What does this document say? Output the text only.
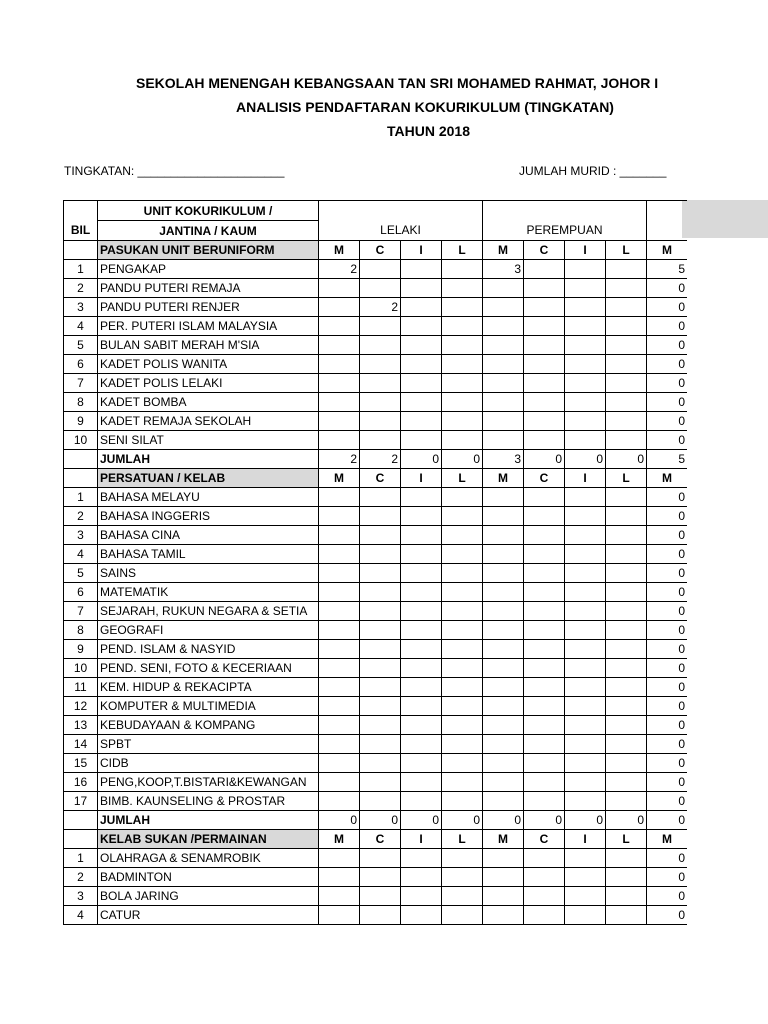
SEKOLAH MENENGAH KEBANGSAAN TAN SRI MOHAMED RAHMAT, JOHOR I
ANALISIS PENDAFTARAN KOKURIKULUM (TINGKATAN)
TAHUN 2018
TINGKATAN: ______________________	JUMLAH MURID : _______
	UNIT KOKURIKULUM /									
BIL	JANTINA / KAUM	LELAKI				PEREMPUAN				
	PASUKAN UNIT BERUNIFORM	M	C	I	L	M	C	I	L	M
1	PENGAKAP	2				3				5
2	PANDU PUTERI REMAJA									0
3	PANDU PUTERI RENJER		2							0
4	PER. PUTERI ISLAM MALAYSIA									0
5	BULAN SABIT MERAH M'SIA									0
6	KADET POLIS WANITA									0
7	KADET POLIS LELAKI									0
8	KADET BOMBA									0
9	KADET REMAJA SEKOLAH									0
10	SENI SILAT									0
	JUMLAH	2	2	0	0	3	0	0	0	5
	PERSATUAN / KELAB	M	C	I	L	M	C	I	L	M
1	BAHASA MELAYU									0
2	BAHASA INGGERIS									0
3	BAHASA CINA									0
4	BAHASA TAMIL									0
5	SAINS									0
6	MATEMATIK									0
7	SEJARAH, RUKUN NEGARA & SETIA									0
8	GEOGRAFI									0
9	PEND. ISLAM & NASYID									0
10	PEND. SENI, FOTO & KECERIAAN									0
11	KEM. HIDUP & REKACIPTA									0
12	KOMPUTER & MULTIMEDIA									0
13	KEBUDAYAAN & KOMPANG									0
14	SPBT									0
15	CIDB									0
16	PENG,KOOP,T.BISTARI&KEWANGAN									0
17	BIMB. KAUNSELING & PROSTAR									0
	JUMLAH	0	0	0	0	0	0	0	0	0
	KELAB SUKAN /PERMAINAN	M	C	I	L	M	C	I	L	M
1	OLAHRAGA & SENAMROBIK									0
2	BADMINTON									0
3	BOLA JARING									0
4	CATUR									0
